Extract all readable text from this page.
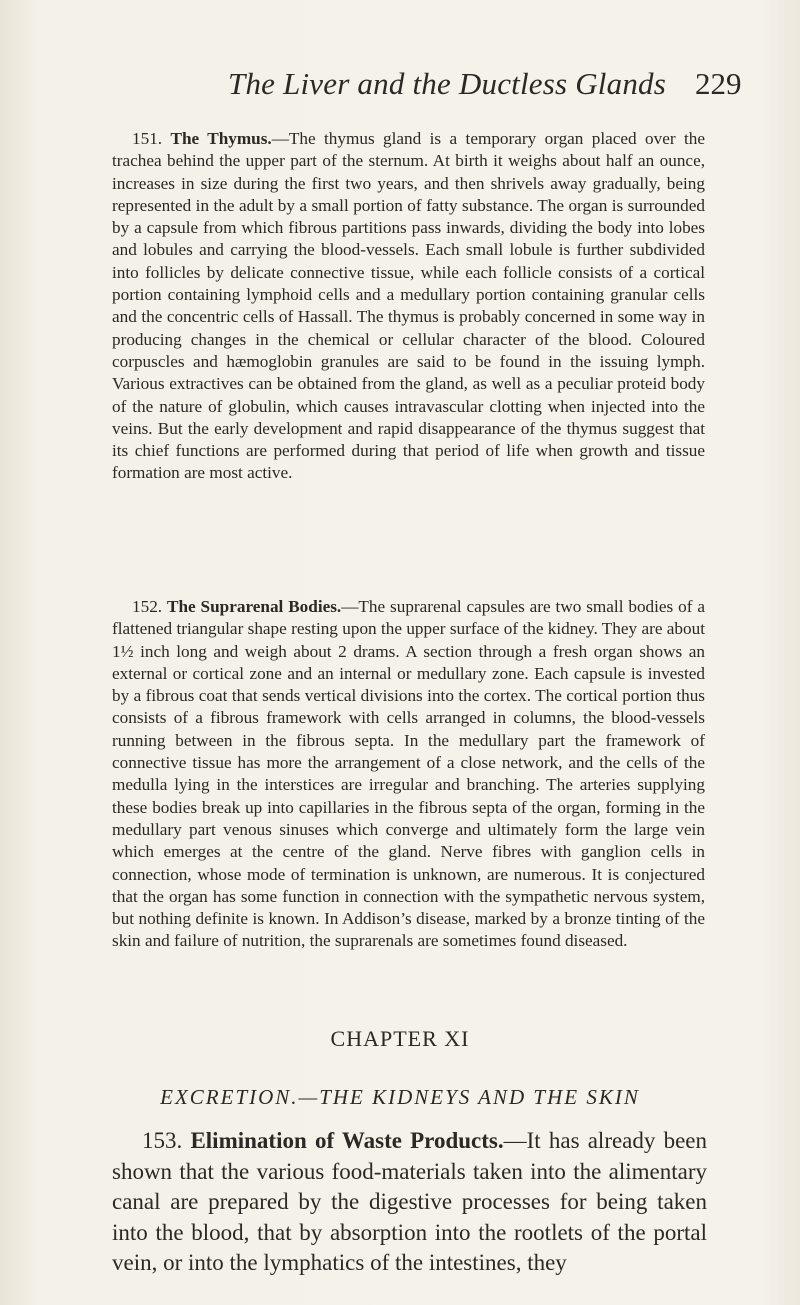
The Liver and the Ductless Glands 229

151. The Thymus.—The thymus gland is a temporary organ placed over the trachea behind the upper part of the sternum. At birth it weighs about half an ounce, increases in size during the first two years, and then shrivels away gradually, being represented in the adult by a small portion of fatty substance. The organ is surrounded by a capsule from which fibrous partitions pass inwards, dividing the body into lobes and lobules and carrying the blood-vessels. Each small lobule is further subdivided into follicles by delicate connective tissue, while each follicle consists of a cortical portion containing lymphoid cells and a medullary portion containing granular cells and the concentric cells of Hassall. The thymus is probably concerned in some way in producing changes in the chemical or cellular character of the blood. Coloured corpuscles and hæmoglobin granules are said to be found in the issuing lymph. Various extractives can be obtained from the gland, as well as a peculiar proteid body of the nature of globulin, which causes intravascular clotting when injected into the veins. But the early development and rapid disappearance of the thymus suggest that its chief functions are performed during that period of life when growth and tissue formation are most active.

152. The Suprarenal Bodies.—The suprarenal capsules are two small bodies of a flattened triangular shape resting upon the upper surface of the kidney. They are about 1½ inch long and weigh about 2 drams. A section through a fresh organ shows an external or cortical zone and an internal or medullary zone. Each capsule is invested by a fibrous coat that sends vertical divisions into the cortex. The cortical portion thus consists of a fibrous framework with cells arranged in columns, the blood-vessels running between in the fibrous septa. In the medullary part the framework of connective tissue has more the arrangement of a close network, and the cells of the medulla lying in the interstices are irregular and branching. The arteries supplying these bodies break up into capillaries in the fibrous septa of the organ, forming in the medullary part venous sinuses which converge and ultimately form the large vein which emerges at the centre of the gland. Nerve fibres with ganglion cells in connection, whose mode of termination is unknown, are numerous. It is conjectured that the organ has some function in connection with the sympathetic nervous system, but nothing definite is known. In Addison’s disease, marked by a bronze tinting of the skin and failure of nutrition, the suprarenals are sometimes found diseased.

CHAPTER XI
EXCRETION.—THE KIDNEYS AND THE SKIN

153. Elimination of Waste Products.—It has already been shown that the various food-materials taken into the alimentary canal are prepared by the digestive processes for being taken into the blood, that by absorption into the rootlets of the portal vein, or into the lymphatics of the intestines, they
